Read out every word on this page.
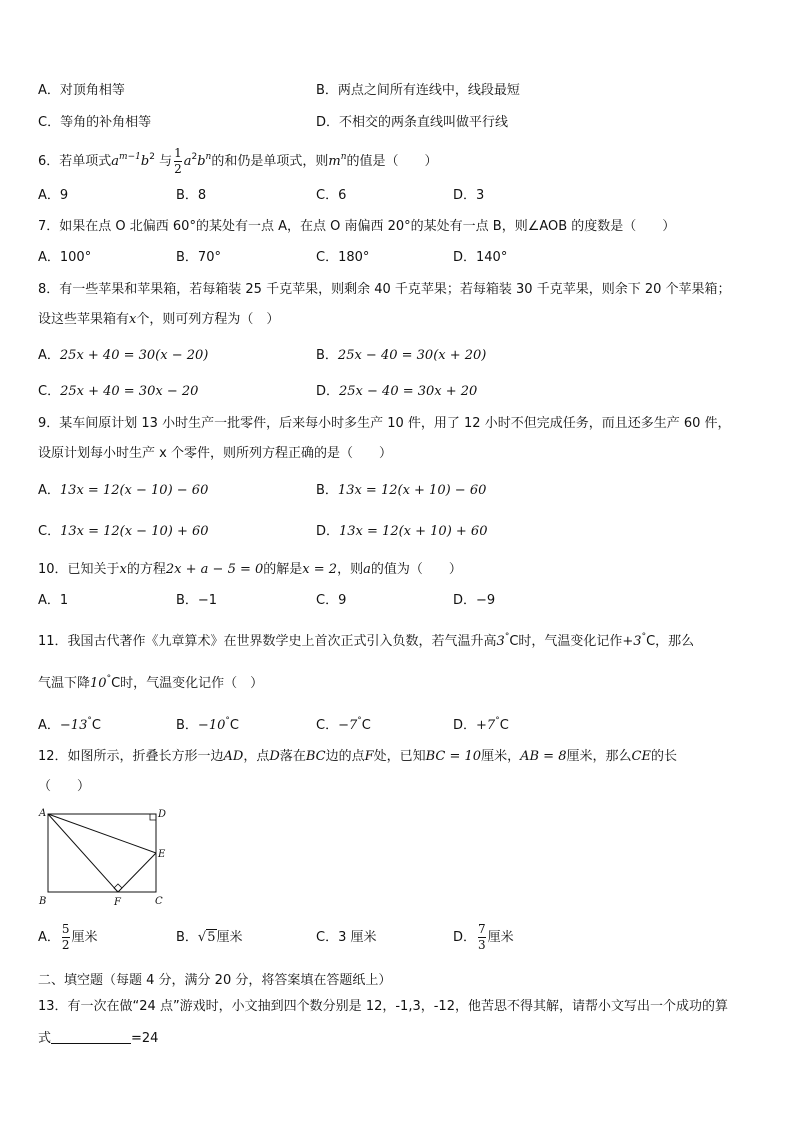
A．对顶角相等	B．两点之间所有连线中，线段最短
C．等角的补角相等	D．不相交的两条直线叫做平行线
6．若单项式$a^{m-1}b^2$ 与 $\frac{1}{2} a^2b^n$的和仍是单项式，则$m^n$的值是（　　）
A．9	B．8	C．6	D．3
7．如果在点 O 北偏西 60°的某处有一点 A，在点 O 南偏西 20°的某处有一点 B，则∠AOB 的度数是（　　）
A．100°	B．70°	C．180°	D．140°
8．有一些苹果和苹果箱，若每箱装 25 千克苹果，则剩余 40 千克苹果；若每箱装 30 千克苹果，则余下 20 个苹果箱；
设这些苹果箱有x个，则可列方程为（　）
A．25x + 40 = 30(x − 20)	B．25x − 40 = 30(x + 20)
C．25x + 40 = 30x − 20	D．25x − 40 = 30x + 20
9．某车间原计划 13 小时生产一批零件，后来每小时多生产 10 件，用了 12 小时不但完成任务，而且还多生产 60 件，
设原计划每小时生产 x 个零件，则所列方程正确的是（　　）
A．13x = 12(x − 10) − 60	B．13x = 12(x + 10) − 60
C．13x = 12(x − 10) + 60	D．13x = 12(x + 10) + 60
10．已知关于x的方程2x + a − 5 = 0的解是x = 2，则a的值为（　　）
A．1	B．−1	C．9	D．−9
11．我国古代著作《九章算术》在世界数学史上首次正式引入负数，若气温升高3°C时，气温变化记作+3°C，那么
气温下降10°C时，气温变化记作（　）
A．−13°C	B．−10°C	C．−7°C	D．+7°C
12．如图所示，折叠长方形一边AD，点D落在BC边的点F处，已知BC = 10厘米，AB = 8厘米，那么CE的长
（　　）
A	D
B	C
E
F
A． $\frac{5}{2}$ 厘米	B．√5厘米	C．3 厘米	D． $\frac{7}{3}$ 厘米
二、填空题（每题 4 分，满分 20 分，将答案填在答题纸上）
13．有一次在做“24 点”游戏时，小文抽到四个数分别是 12，-1,3，-12，他苦思不得其解，请帮小文写出一个成功的算
式	=24
